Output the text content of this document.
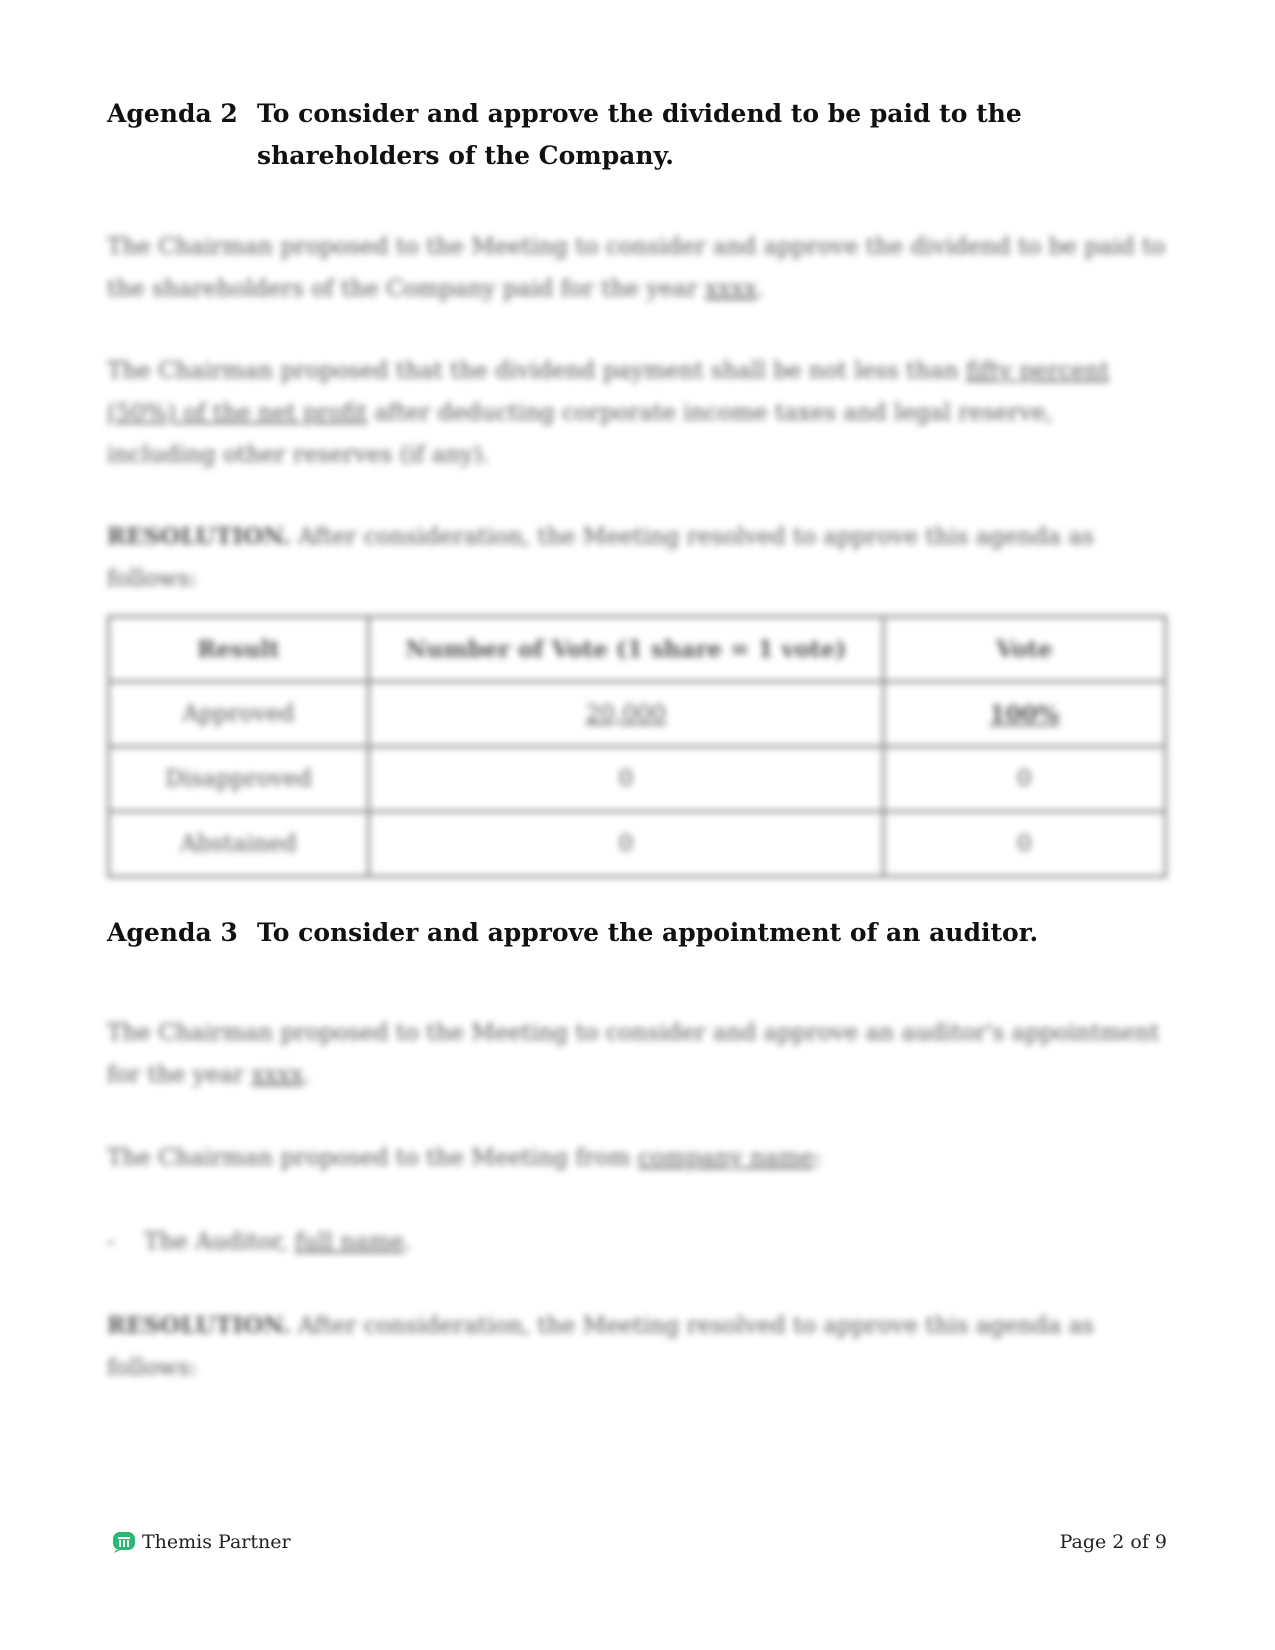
Agenda 2 To consider and approve the dividend to be paid to the shareholders of the Company.
The Chairman proposed to the Meeting to consider and approve the dividend to be paid to the shareholders of the Company paid for the year xxxx.
The Chairman proposed that the dividend payment shall be not less than fifty percent (50%) of the net profit after deducting corporate income taxes and legal reserve, including other reserves (if any).
RESOLUTION. After consideration, the Meeting resolved to approve this agenda as follows:
Result	Number of Vote (1 share = 1 vote)	Vote
Approved	20,000	100%
Disapproved	0	0
Abstained	0	0
Agenda 3 To consider and approve the appointment of an auditor.
The Chairman proposed to the Meeting to consider and approve an auditor's appointment for the year xxxx.
The Chairman proposed to the Meeting from company name:
- The Auditor, full name.
RESOLUTION. After consideration, the Meeting resolved to approve this agenda as follows:
Themis Partner	Page 2 of 9
